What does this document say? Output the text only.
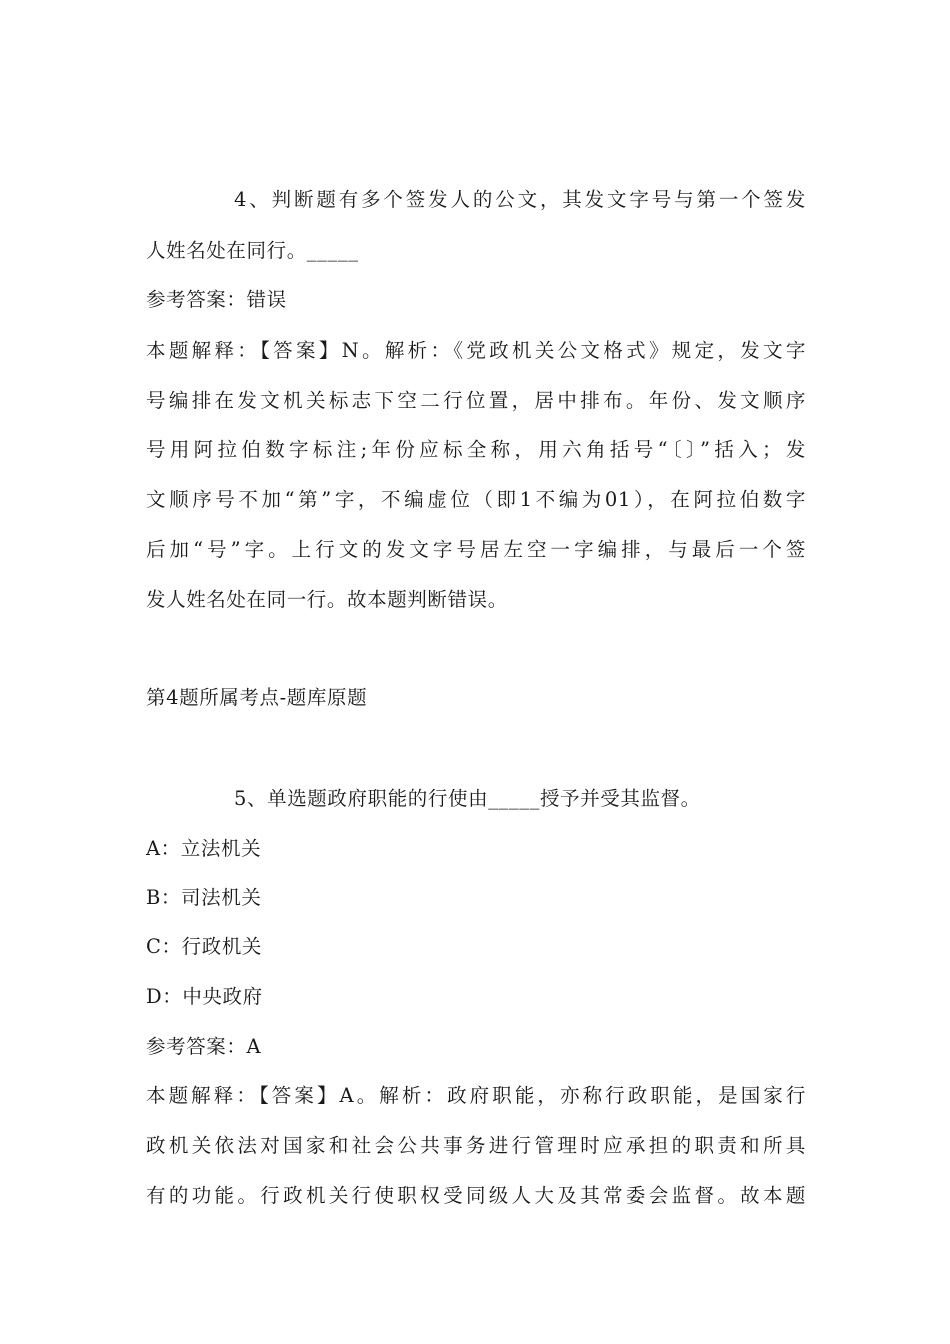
4、判断题有多个签发人的公文，其发文字号与第一个签发
人姓名处在同行。_____
参考答案：错误
本题解释：【答案】N。解析：《党政机关公文格式》规定，发文字
号编排在发文机关标志下空二行位置，居中排布。年份、发文顺序
号用阿拉伯数字标注;年份应标全称，用六角括号“〔〕”括入；发
文顺序号不加“第”字，不编虚位（即1不编为01），在阿拉伯数字
后加“号”字。上行文的发文字号居左空一字编排，与最后一个签
发人姓名处在同一行。故本题判断错误。
第4题所属考点-题库原题
5、单选题政府职能的行使由_____授予并受其监督。
A：立法机关
B：司法机关
C：行政机关
D：中央政府
参考答案：A
本题解释：【答案】A。解析：政府职能，亦称行政职能，是国家行
政机关依法对国家和社会公共事务进行管理时应承担的职责和所具
有的功能。行政机关行使职权受同级人大及其常委会监督。故本题
